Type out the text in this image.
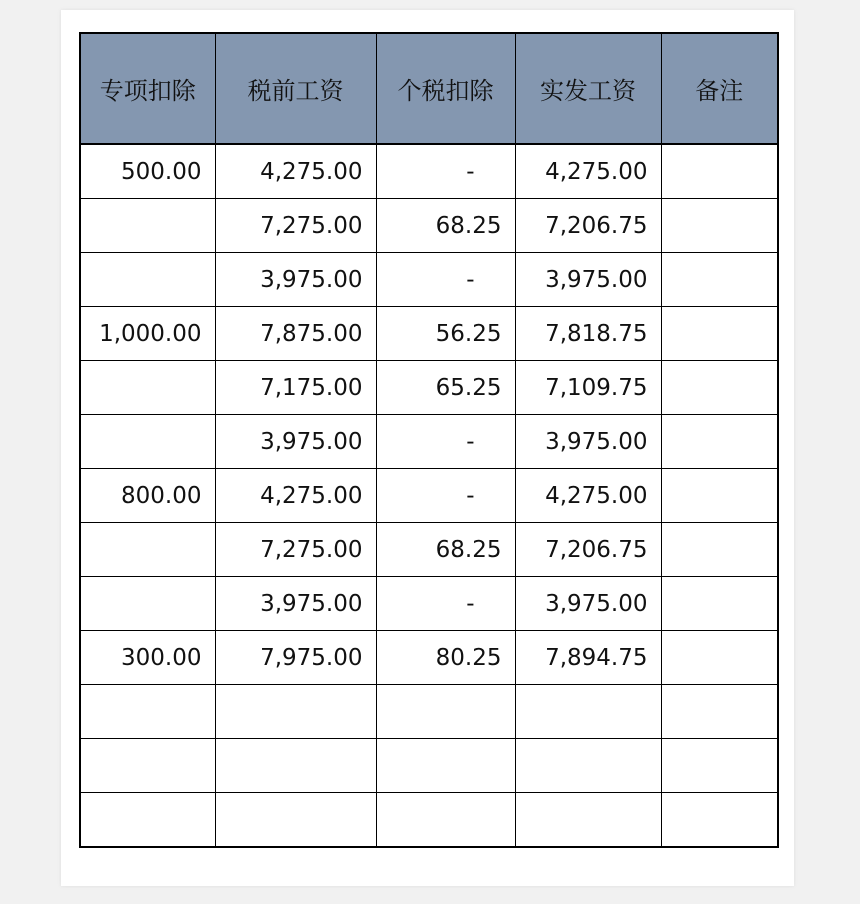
专项扣除	税前工资	个税扣除	实发工资	备注
500.00	4,275.00	-	4,275.00	
	7,275.00	68.25	7,206.75	
	3,975.00	-	3,975.00	
1,000.00	7,875.00	56.25	7,818.75	
	7,175.00	65.25	7,109.75	
	3,975.00	-	3,975.00	
800.00	4,275.00	-	4,275.00	
	7,275.00	68.25	7,206.75	
	3,975.00	-	3,975.00	
300.00	7,975.00	80.25	7,894.75	
